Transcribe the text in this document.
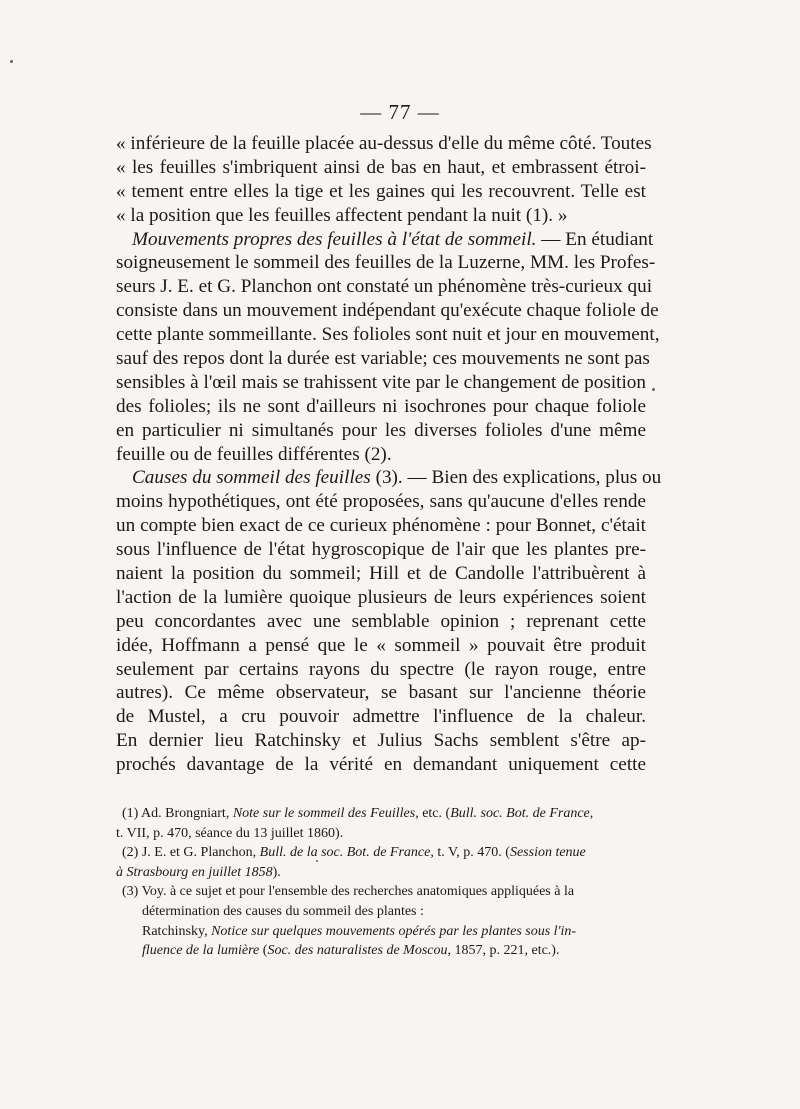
— 77 —
« inférieure de la feuille placée au-dessus d'elle du même côté. Toutes
« les feuilles s'imbriquent ainsi de bas en haut, et embrassent étroi-
« tement entre elles la tige et les gaines qui les recouvrent. Telle est
« la position que les feuilles affectent pendant la nuit (1). »
Mouvements propres des feuilles à l'état de sommeil. — En étudiant
soigneusement le sommeil des feuilles de la Luzerne, MM. les Profes-
seurs J. E. et G. Planchon ont constaté un phénomène très-curieux qui
consiste dans un mouvement indépendant qu'exécute chaque foliole de
cette plante sommeillante. Ses folioles sont nuit et jour en mouvement,
sauf des repos dont la durée est variable; ces mouvements ne sont pas
sensibles à l'œil mais se trahissent vite par le changement de position
des folioles; ils ne sont d'ailleurs ni isochrones pour chaque foliole
en particulier ni simultanés pour les diverses folioles d'une même
feuille ou de feuilles différentes (2).
Causes du sommeil des feuilles (3). — Bien des explications, plus ou
moins hypothétiques, ont été proposées, sans qu'aucune d'elles rende
un compte bien exact de ce curieux phénomène : pour Bonnet, c'était
sous l'influence de l'état hygroscopique de l'air que les plantes pre-
naient la position du sommeil; Hill et de Candolle l'attribuèrent à
l'action de la lumière quoique plusieurs de leurs expériences soient
peu concordantes avec une semblable opinion ; reprenant cette
idée, Hoffmann a pensé que le « sommeil » pouvait être produit
seulement par certains rayons du spectre (le rayon rouge, entre
autres). Ce même observateur, se basant sur l'ancienne théorie
de Mustel, a cru pouvoir admettre l'influence de la chaleur.
En dernier lieu Ratchinsky et Julius Sachs semblent s'être ap-
prochés davantage de la vérité en demandant uniquement cette
(1) Ad. Brongniart, Note sur le sommeil des Feuilles, etc. (Bull. soc. Bot. de France,
t. VII, p. 470, séance du 13 juillet 1860).
(2) J. E. et G. Planchon, Bull. de la soc. Bot. de France, t. V, p. 470. (Session tenue
à Strasbourg en juillet 1858).
(3) Voy. à ce sujet et pour l'ensemble des recherches anatomiques appliquées à la
détermination des causes du sommeil des plantes :
Ratchinsky, Notice sur quelques mouvements opérés par les plantes sous l'in-
fluence de la lumière (Soc. des naturalistes de Moscou, 1857, p. 221, etc.).
